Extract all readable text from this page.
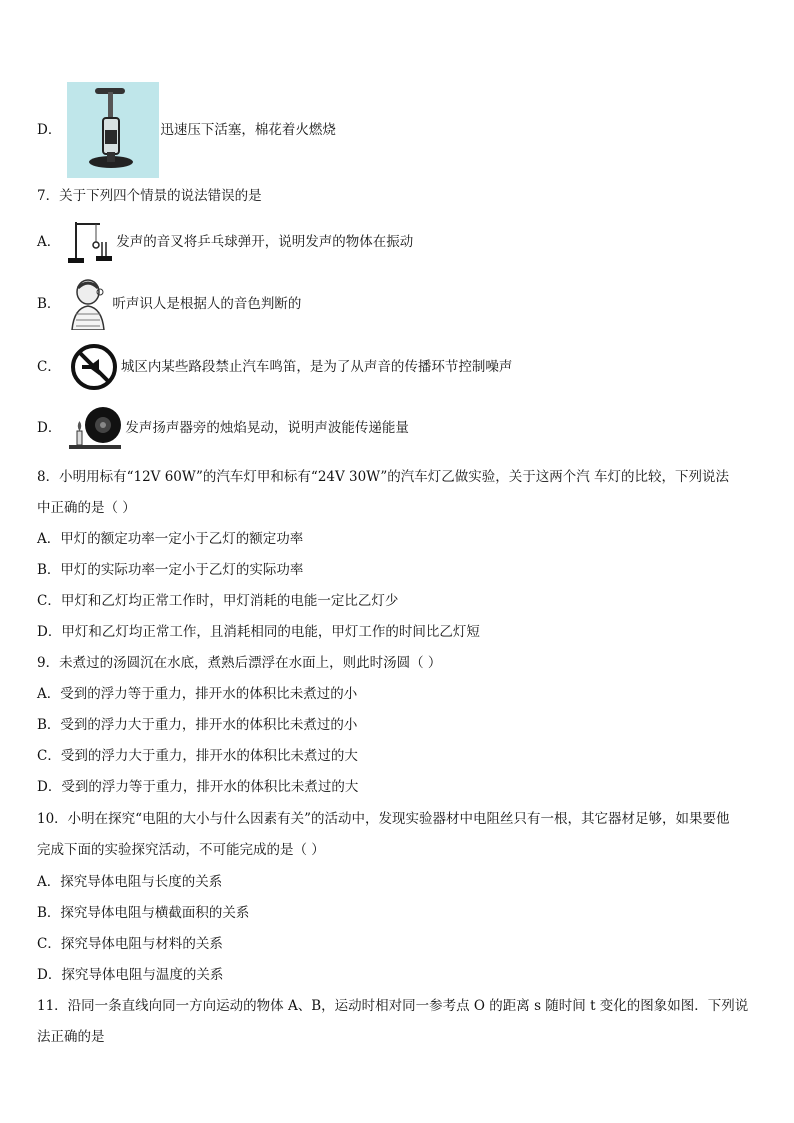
D．	迅速压下活塞，棉花着火燃烧
7．关于下列四个情景的说法错误的是
A．	发声的音叉将乒乓球弹开，说明发声的物体在振动
B．	听声识人是根据人的音色判断的
C．	城区内某些路段禁止汽车鸣笛，是为了从声音的传播环节控制噪声
D．	发声扬声器旁的烛焰晃动，说明声波能传递能量
8．小明用标有“12V 60W”的汽车灯甲和标有“24V 30W”的汽车灯乙做实验，关于这两个汽 车灯的比较，下列说法
中正确的是（ ）
A．甲灯的额定功率一定小于乙灯的额定功率
B．甲灯的实际功率一定小于乙灯的实际功率
C．甲灯和乙灯均正常工作时，甲灯消耗的电能一定比乙灯少
D．甲灯和乙灯均正常工作，且消耗相同的电能，甲灯工作的时间比乙灯短
9．未煮过的汤圆沉在水底，煮熟后漂浮在水面上，则此时汤圆（ ）
A．受到的浮力等于重力，排开水的体积比未煮过的小
B．受到的浮力大于重力，排开水的体积比未煮过的小
C．受到的浮力大于重力，排开水的体积比未煮过的大
D．受到的浮力等于重力，排开水的体积比未煮过的大
10．小明在探究“电阻的大小与什么因素有关”的活动中，发现实验器材中电阻丝只有一根，其它器材足够，如果要他
完成下面的实验探究活动，不可能完成的是（ ）
A．探究导体电阻与长度的关系
B．探究导体电阻与横截面积的关系
C．探究导体电阻与材料的关系
D．探究导体电阻与温度的关系
11．沿同一条直线向同一方向运动的物体 A、B，运动时相对同一参考点 O 的距离 s 随时间 t 变化的图象如图．下列说
法正确的是
